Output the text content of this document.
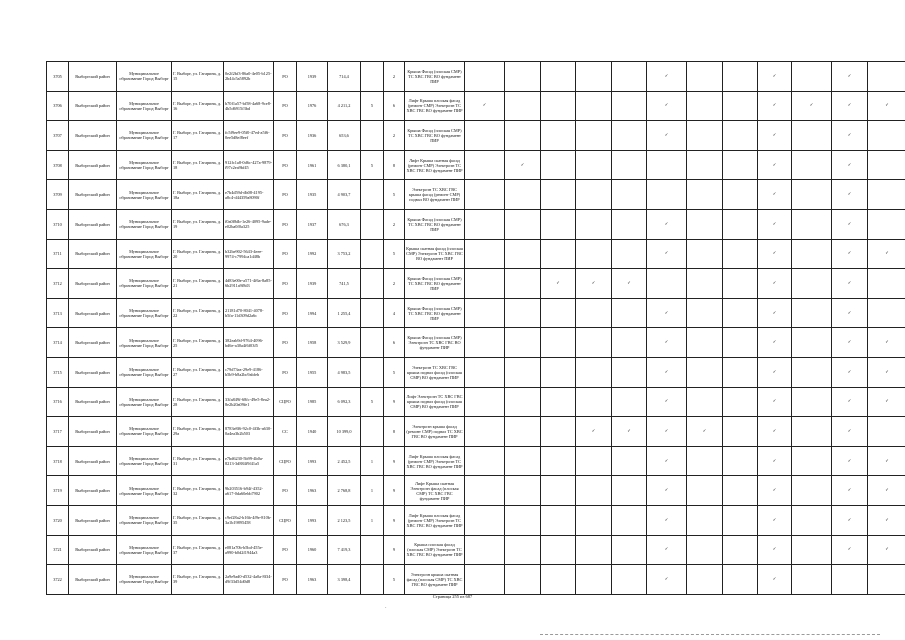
3705	Выборгский район	Муниципальное образование Город Выборг	Г. Выборг, ул. Гагарина, д. 15	0e2f2bf3-86a0-4e05-b125-2b44c5a5892b	РО	1939	714,4		2	Крыша Фасад (плоская СМР) ТС ХВС ГВС ВО фундамент ПИР						✓			✓		✓	
3706	Выборгский район	Муниципальное образование Город Выборг	Г. Выборг, ул. Гагарина, д. 16	b70f1a57-bf58-4a68-9ce8-4b5d6915f3bd	РО	1976	4 211,2	5	6	Лифт Крыша плоская фасад (ремонт СМР) Электроэн ТС ХВС ГВС ВО фундамент ПИР	✓					✓			✓	✓	✓	✓
3707	Выборгский район	Муниципальное образование Город Выборг	Г. Выборг, ул. Гагарина, д. 17	fc5f9ee9-05f0-47ed-a5f6-0ee5d8ef8eef	РО	1936	653,6		2	Крыша Фасад (плоская СМР) ТС ХВС ГВС ВО фундамент ПИР						✓			✓		✓	
3708	Выборгский район	Муниципальное образование Город Выборг	Г. Выборг, ул. Гагарина, д. 18	912fc1a8-0d6c-427a-9879-f97c2ea9bf45	РО	1961	6 380,1	5	8	Лифт Крыша скатная фасад (ремонт СМР) Электроэн ТС ХВС ГВС ВО фундамент ПИР		✓							✓		✓	
3709	Выборгский район	Муниципальное образование Город Выборг	Г. Выборг, ул. Гагарина, д. 18а	e7b4d59d-db08-4195-a8c4-d44359a8090f	РО	1935	4 903,7		5	Электроэн ТС ХВС ГВС крыша фасад (ремонт СМР) подвал ВО фундамент ПИР									✓		✓	
3710	Выборгский район	Муниципальное образование Город Выборг	Г. Выборг, ул. Гагарина, д. 19	f0a0f8db-1e26-4095-9ade-e02ba0f0a325	РО	1937	676,3		2	Крыша Фасад (плоская СМР) ТС ХВС ГВС ВО фундамент ПИР						✓			✓		✓	
3711	Выборгский район	Муниципальное образование Город Выборг	Г. Выборг, ул. Гагарина, д. 20	b32be902-5643-4eee-9974-c7994ca1d48b	РО	1992	3 753,2		5	Крыша скатная фасад (плоская СМР) Электроэн ТС ХВС ГВС ВО фундамент ПИР						✓			✓		✓	✓
3712	Выборгский район	Муниципальное образование Город Выборг	Г. Выборг, ул. Гагарина, д. 21	4d83e00e-a571-4f6a-8a85-6b2911a9f8d3	РО	1939	741,5		2	Крыша Фасад (плоская СМР) ТС ХВС ГВС ВО фундамент ПИР			✓	✓	✓				✓		✓	
3713	Выборгский район	Муниципальное образование Город Выборг	Г. Выборг, ул. Гагарина, д. 22	21181d70-8041-4078-b5fa-11d309d2a6c	РО	1994	1 255,4		4	Крыша Фасад (плоская СМР) ТС ХВС ГВС ВО фундамент ПИР						✓			✓		✓	
3714	Выборгский район	Муниципальное образование Город Выборг	Г. Выборг, ул. Гагарина, д. 25	382eab9d-9764-4096-bd6e-a30a4f6f03f5	РО	1958	3 529,9		6	Крыша Фасад (плоская СМР) Электроэн ТС ХВС ГВС ВО фундамент ПИР						✓			✓		✓	✓
3715	Выборгский район	Муниципальное образование Город Выборг	Г. Выборг, ул. Гагарина, д. 27	c79d73ea-29e9-4186-b5b9-b8a2bc9abfeb	РО	1955	4 983,5		5	Электроэн ТС ХВС ГВС крыша подвал фасад (плоская СМР) ВО фундамент ПИР						✓			✓		✓	✓
3716	Выборгский район	Муниципальное образование Город Выборг	Г. Выборг, ул. Гагарина, д. 28	33fa849f-68fc-49e5-8ea2-8e2b20a09fe1	СЦРО	1985	6 092,3	5	9	Лифт Электроэн ТС ХВС ГВС крыша подвал фасад (плоская СМР) ВО фундамент ПИР						✓			✓		✓	✓
3717	Выборгский район	Муниципальное образование Город Выборг	Г. Выборг, ул. Гагарина, д. 29а	8783e8f6-92c0-4f3b-a630-0a4ea3b2b503	СС	1940	10 399,0		8	Электроэн крыша фасад (ремонт СМР) подвал ТС ХВС ГВС ВО фундамент ПИР				✓	✓	✓	✓		✓		✓	
3718	Выборгский район	Муниципальное образование Город Выборг	Г. Выборг, ул. Гагарина, д. 31	e7bd6230-5b99-4b0a-8213-3d884f9f41a5	СЦРО	1993	2 452,5	1	9	Лифт Крыша плоская фасад (ремонт СМР) Электроэн ТС ХВС ГВС ВО фундамент ПИР						✓			✓		✓	✓
3719	Выборгский район	Муниципальное образование Город Выборг	Г. Выборг, ул. Гагарина, д. 32	9b203516-b94f-4352-a617-0da60ebb7902	РО	1963	2 768,8	1	9	Лифт Крыша скатная Электроэн фасад (плоская СМР) ТС ХВС ГВС фундамент ПИР						✓			✓		✓	✓
3720	Выборгский район	Муниципальное образование Город Выборг	Г. Выборг, ул. Гагарина, д. 35	c9ef28a2-b16b-4f9e-810b-3a1b19895458	СЦРО	1993	2 123,5	1	9	Лифт Крыша плоская фасад (ремонт СМР) Электроэн ТС ХВС ГВС ВО фундамент ПИР						✓			✓		✓	✓
3721	Выборгский район	Муниципальное образование Город Выборг	Г. Выборг, ул. Гагарина, д. 37	e081a70b-b5bd-455e-a990-b0d2f1944a3	РО	1960	7 419,3		9	Крыша плоская фасад (плоская СМР) Электроэн ТС ХВС ГВС ВО фундамент ПИР						✓			✓		✓	✓
3722	Выборгский район	Муниципальное образование Город Выборг	Г. Выборг, ул. Гагарина, д. 39	2a9e9ad0-d532-4a0a-8f34-d9f33d54d0d8	РО	1963	3 398,4		5	Электроэн крыша скатная фасад (плоская СМР) ТС ХВС ГВС ВО фундамент ПИР						✓			✓			
Страница 255 из 687
·
